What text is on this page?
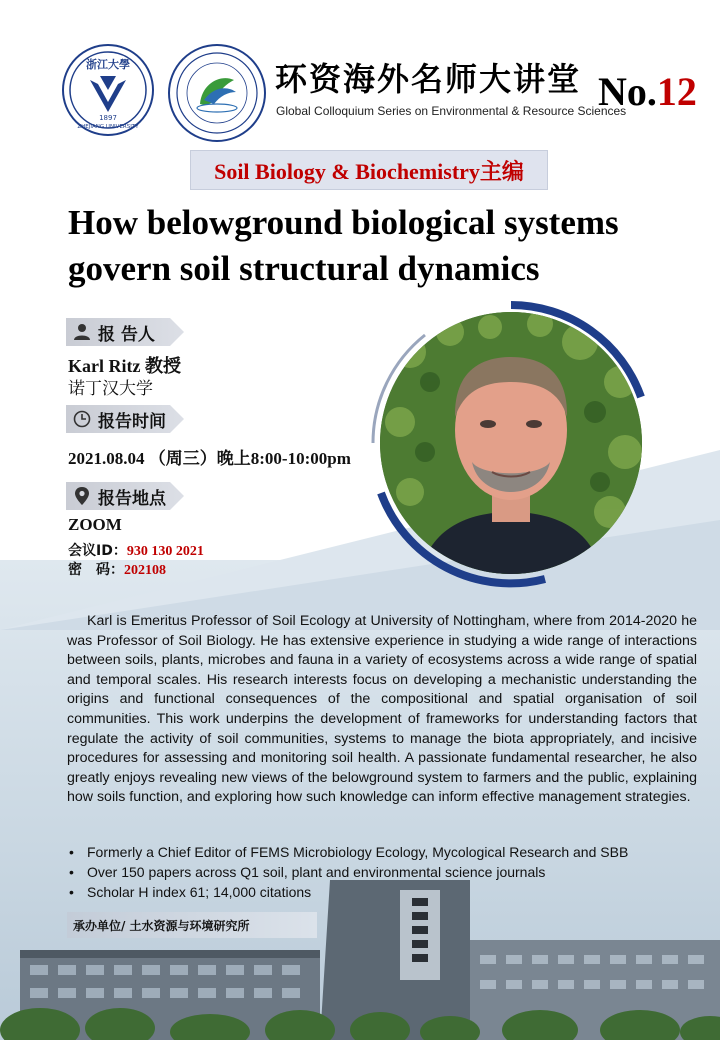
浙江大學
1897
ZHEJIANG UNIVERSITY
环资海外名师大讲堂
Global Colloquium Series on Environmental & Resource Sciences
No.12
Soil Biology & Biochemistry主编
How belowground biological systems govern soil structural dynamics
报 告人
Karl Ritz 教授
诺丁汉大学
报告时间
2021.08.04 （周三）晚上8:00-10:00pm
报告地点
ZOOM
会议ID：930 130 2021
密　码：202108
Karl is Emeritus Professor of Soil Ecology at University of Nottingham, where from 2014-2020 he was Professor of Soil Biology. He has extensive experience in studying a wide range of interactions between soils, plants, microbes and fauna in a variety of ecosystems across a wide range of spatial and temporal scales. His research interests focus on developing a mechanistic understanding the origins and functional consequences of the compositional and spatial organisation of soil communities. This work underpins the development of frameworks for understanding factors that regulate the activity of soil communities, systems to manage the biota appropriately, and incisive procedures for assessing and monitoring soil health. A passionate fundamental researcher, he also greatly enjoys revealing new views of the belowground system to farmers and the public, explaining how soils function, and exploring how such knowledge can inform effective management strategies.
• Formerly a Chief Editor of FEMS Microbiology Ecology, Mycological Research and SBB
• Over 150 papers across Q1 soil, plant and environmental science journals
• Scholar H index 61; 14,000 citations
承办单位/ 土水资源与环境研究所
